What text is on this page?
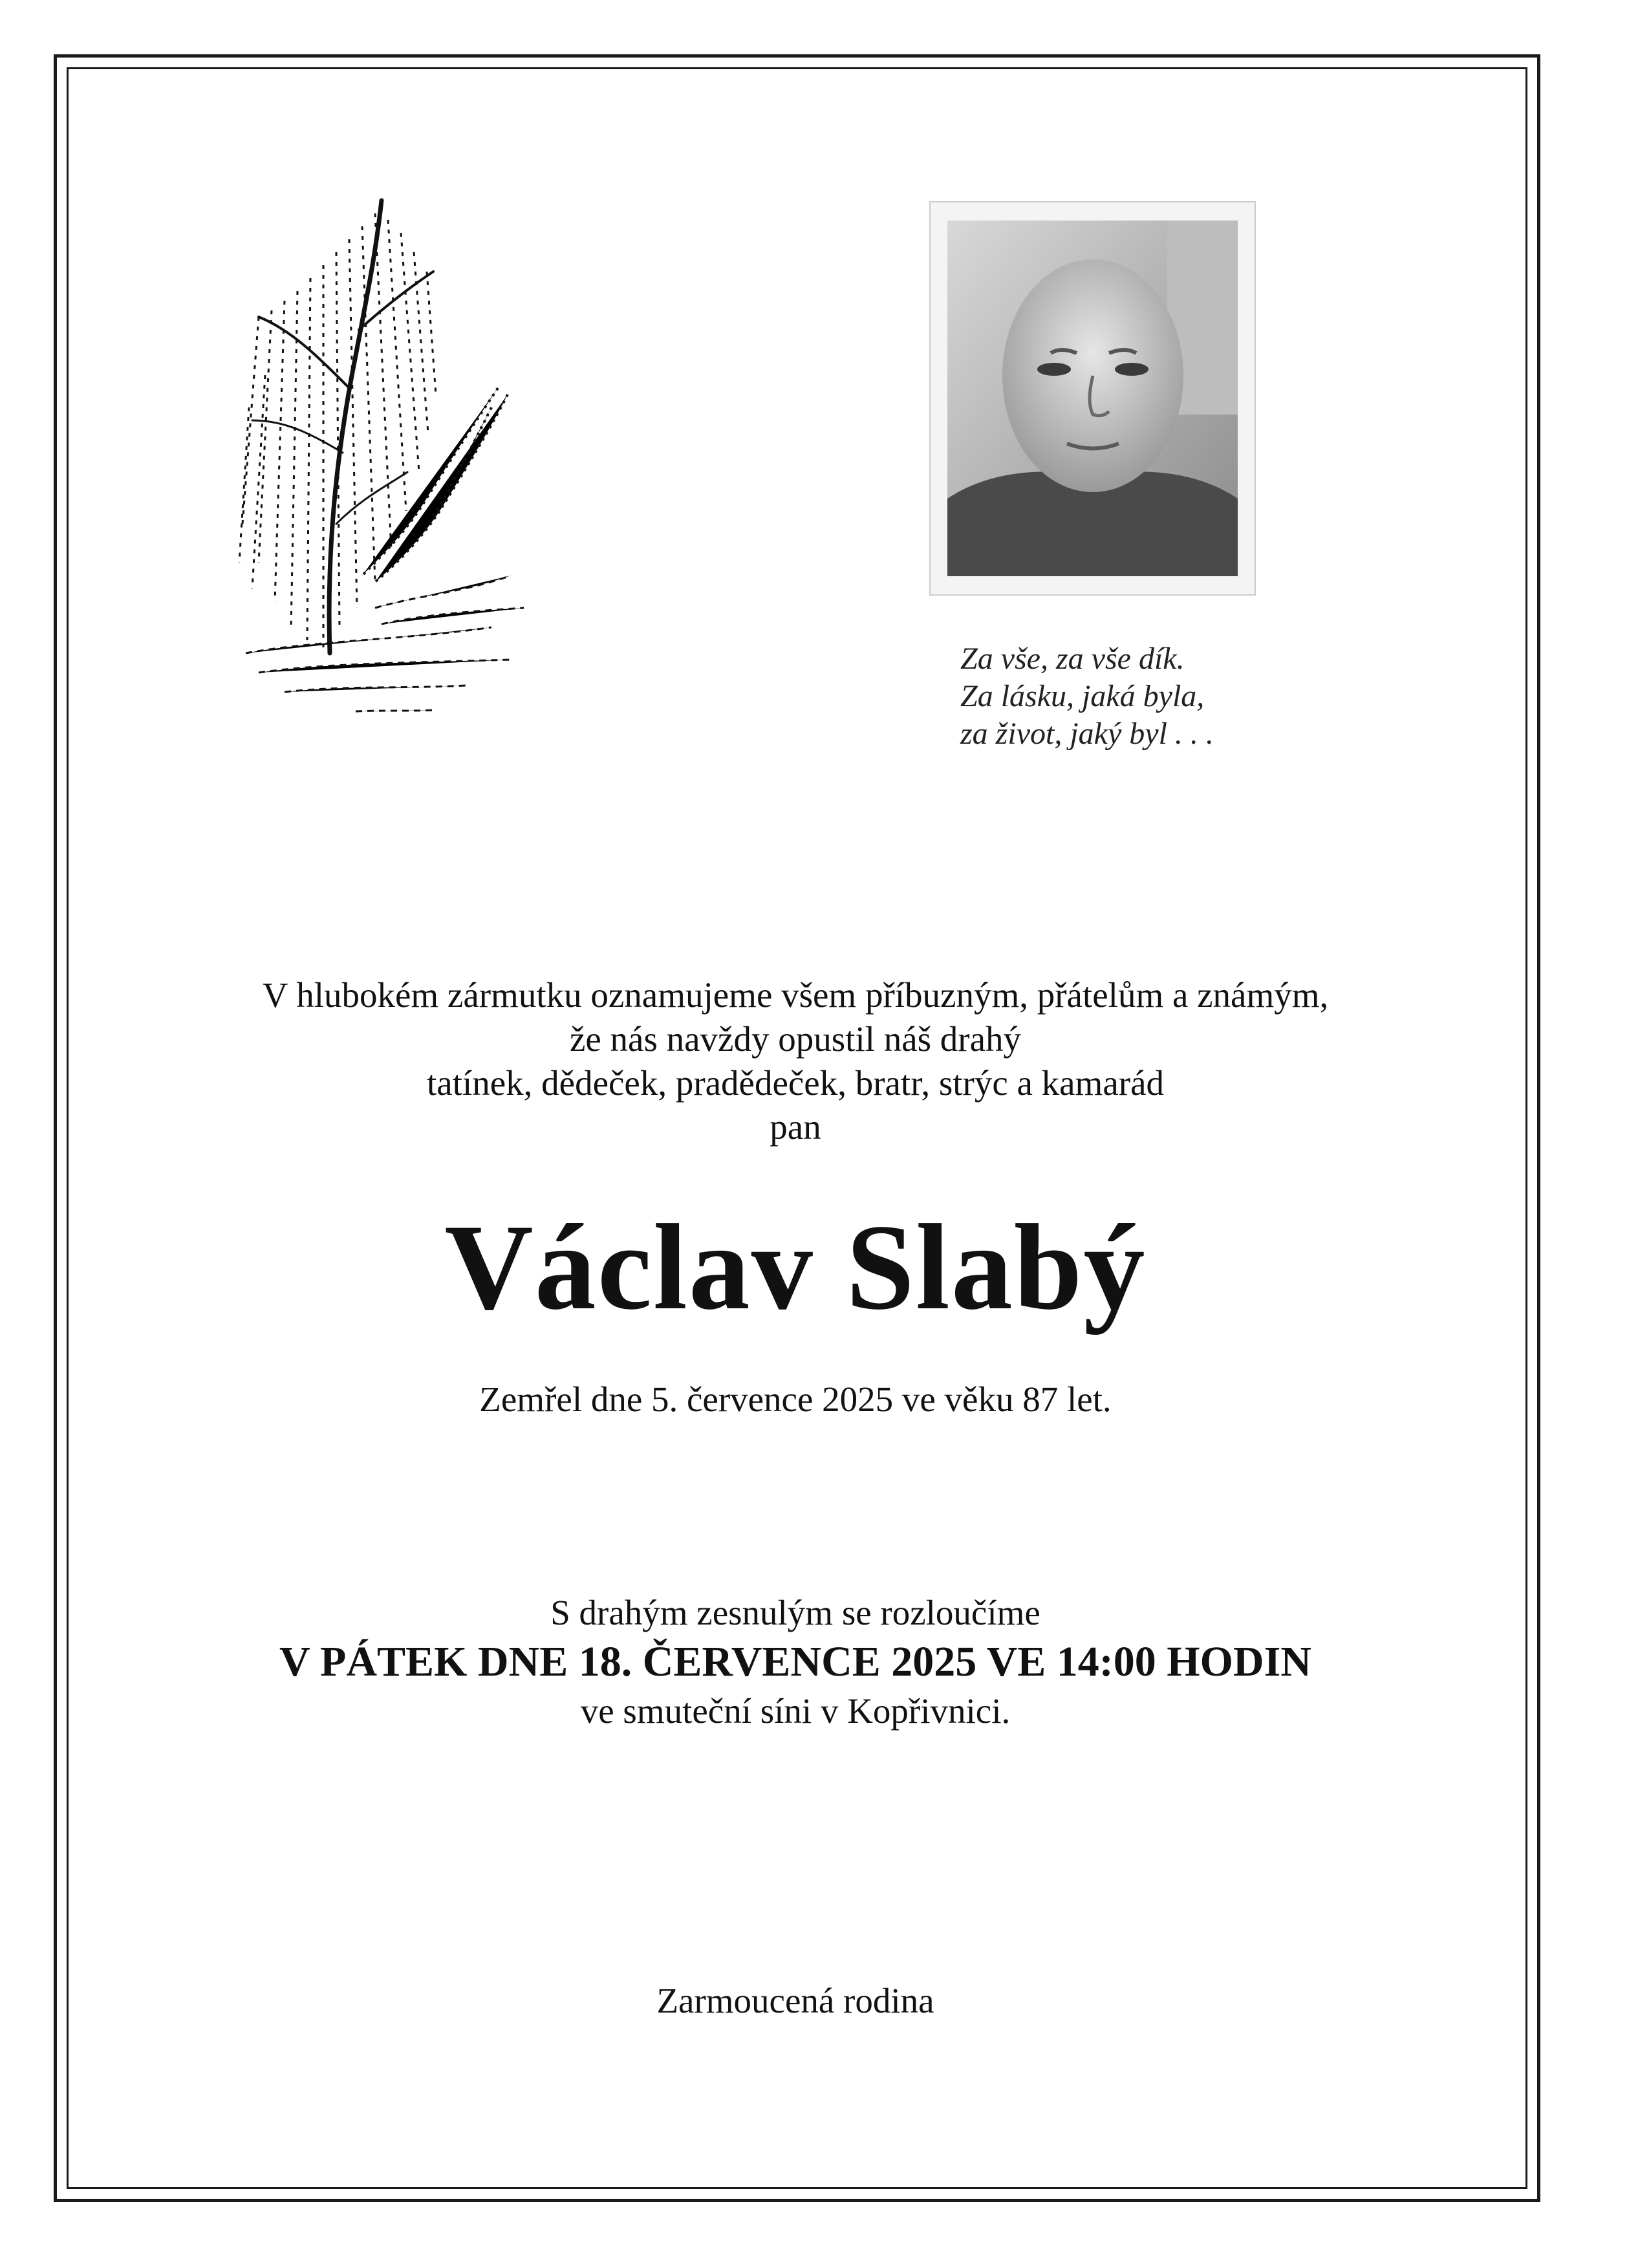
Za vše, za vše dík.
Za lásku, jaká byla,
za život, jaký byl . . .
V hlubokém zármutku oznamujeme všem příbuzným, přátelům a známým,
že nás navždy opustil náš drahý
tatínek, dědeček, pradědeček, bratr, strýc a kamarád
pan
Václav Slabý
Zemřel dne 5. července 2025 ve věku 87 let.
S drahým zesnulým se rozloučíme
V PÁTEK DNE 18. ČERVENCE 2025 VE 14:00 HODIN
ve smuteční síni v Kopřivnici.
Zarmoucená rodina
